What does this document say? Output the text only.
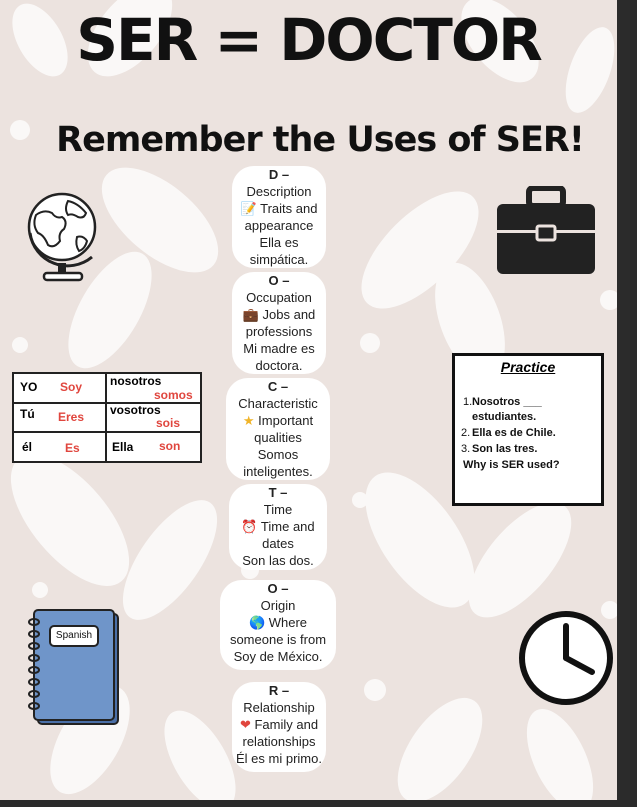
SER = DOCTOR
Remember the Uses of SER!
Spanish
D –
Description
📝 Traits and
appearance
Ella es
simpática.
O –
Occupation
💼 Jobs and
professions
Mi madre es
doctora.
C –
Characteristic
★ Important
qualities
Somos
inteligentes.
T –
Time
⏰ Time and
dates
Son las dos.
O –
Origin
🌎 Where
someone is from
Soy de México.
R –
Relationship
❤ Family and
relationships
Él es mi primo.
YO Soy nosotros
somos
Tú Eres vosotros
sois
él	Es	Ella son
Practice
1. Nosotros ___
estudiantes.
2. Ella es de Chile.
3. Son las tres.
Why is SER used?
